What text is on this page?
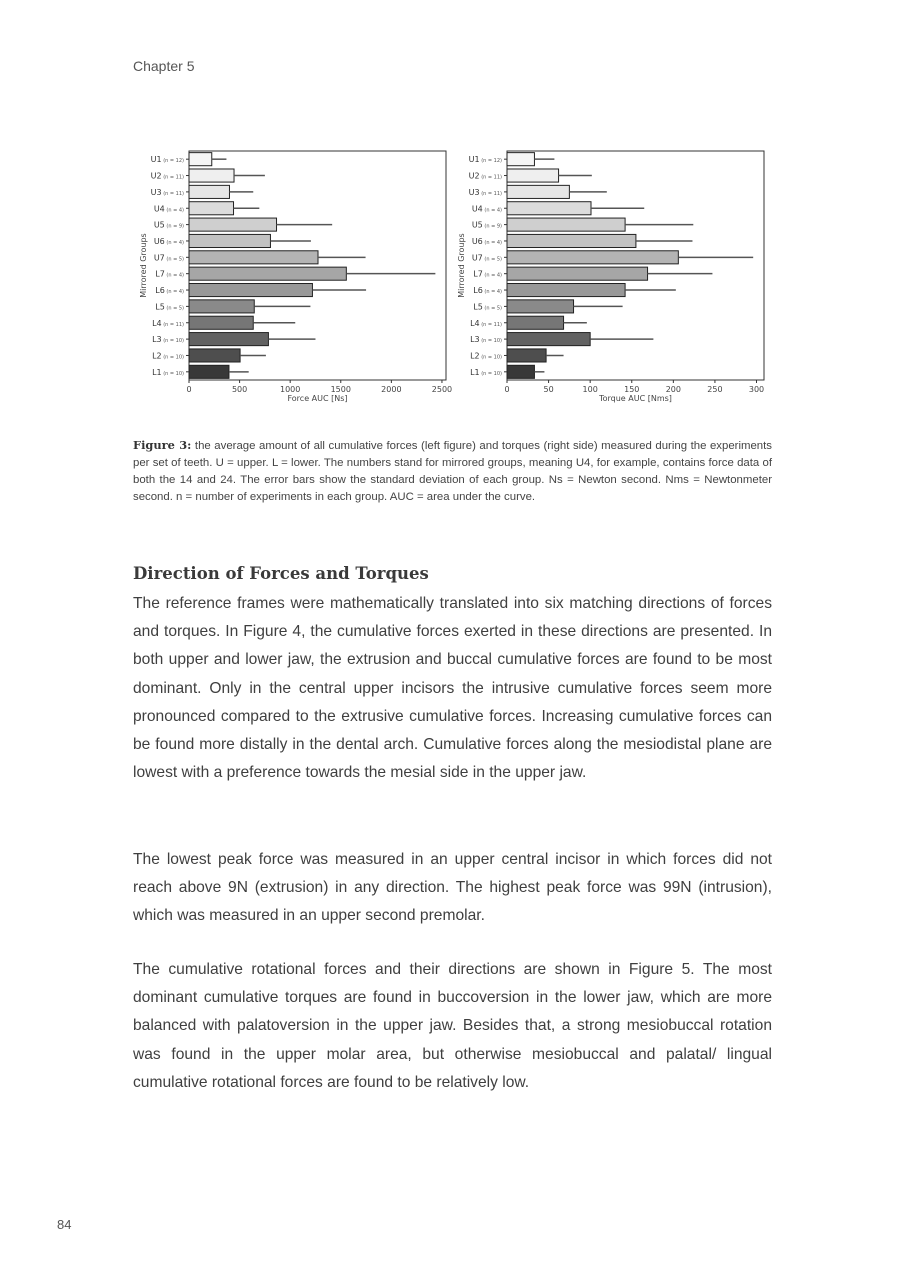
Chapter 5
U1 (n = 12)
U2 (n = 11)
U3 (n = 11)
U4 (n = 4)
U5 (n = 9)
U6 (n = 4)
U7 (n = 5)
L7 (n = 4)
L6 (n = 4)
L5 (n = 5)
L4 (n = 11)
L3 (n = 10)
L2 (n = 10)
L1 (n = 10)
0	500	1000	1500	2000	2500
Force AUC [Ns]
Mirrored Groups
U1 (n = 12)
U2 (n = 11)
U3 (n = 11)
U4 (n = 4)
U5 (n = 9)
U6 (n = 4)
U7 (n = 5)
L7 (n = 4)
L6 (n = 4)
L5 (n = 5)
L4 (n = 11)
L3 (n = 10)
L2 (n = 10)
L1 (n = 10)
0	50	100	150	200	250	300
Torque AUC [Nms]
Mirrored Groups

Figure 3: the average amount of all cumulative forces (left figure) and torques (right side) measured during the experiments per set of teeth. U = upper. L = lower. The numbers stand for mirrored groups, meaning U4, for example, contains force data of both the 14 and 24. The error bars show the standard deviation of each group. Ns = Newton second. Nms = Newtonmeter second. n = number of experiments in each group. AUC = area under the curve.

Direction of Forces and Torques

The reference frames were mathematically translated into six matching directions of forces and torques. In Figure 4, the cumulative forces exerted in these directions are presented. In both upper and lower jaw, the extrusion and buccal cumulative forces are found to be most dominant. Only in the central upper incisors the intrusive cumulative forces seem more pronounced compared to the extrusive cumulative forces. Increasing cumulative forces can be found more distally in the dental arch. Cumulative forces along the mesiodistal plane are lowest with a preference towards the mesial side in the upper jaw.

The lowest peak force was measured in an upper central incisor in which forces did not reach above 9N (extrusion) in any direction. The highest peak force was 99N (intrusion), which was measured in an upper second premolar.

The cumulative rotational forces and their directions are shown in Figure 5. The most dominant cumulative torques are found in buccoversion in the lower jaw, which are more balanced with palatoversion in the upper jaw. Besides that, a strong mesiobuccal rotation was found in the upper molar area, but otherwise mesiobuccal and palatal/ lingual cumulative rotational forces are found to be relatively low.

84
